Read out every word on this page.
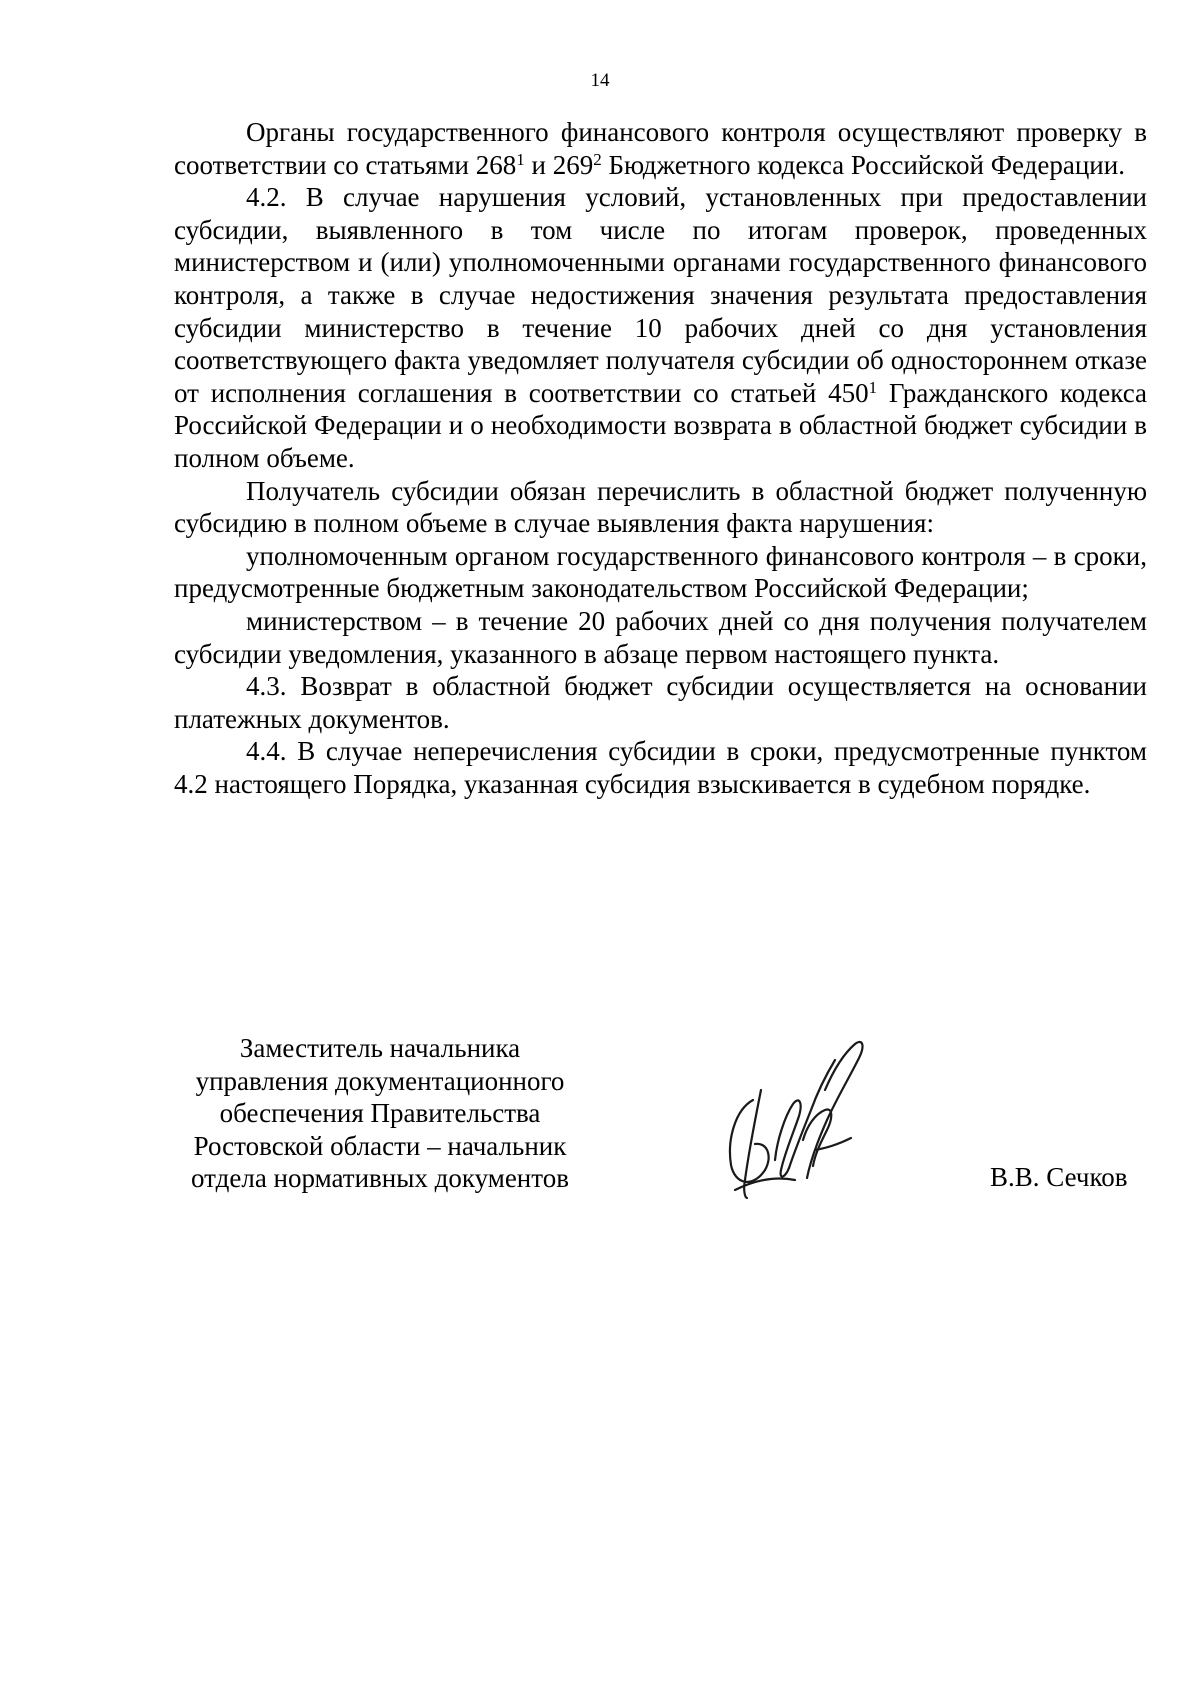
14

Органы государственного финансового контроля осуществляют проверку в соответствии со статьями $268^1$ и $269^2$ Бюджетного кодекса Российской Федерации.

4.2. В случае нарушения условий, установленных при предоставлении субсидии, выявленного в том числе по итогам проверок, проведенных министерством и (или) уполномоченными органами государственного финансового контроля, а также в случае недостижения значения результата предоставления субсидии министерство в течение 10 рабочих дней со дня установления соответствующего факта уведомляет получателя субсидии об одностороннем отказе от исполнения соглашения в соответствии со статьей $450^1$ Гражданского кодекса Российской Федерации и о необходимости возврата в областной бюджет субсидии в полном объеме.

Получатель субсидии обязан перечислить в областной бюджет полученную субсидию в полном объеме в случае выявления факта нарушения:

уполномоченным органом государственного финансового контроля – в сроки, предусмотренные бюджетным законодательством Российской Федерации;

министерством – в течение 20 рабочих дней со дня получения получателем субсидии уведомления, указанного в абзаце первом настоящего пункта.

4.3. Возврат в областной бюджет субсидии осуществляется на основании платежных документов.

4.4. В случае неперечисления субсидии в сроки, предусмотренные пунктом 4.2 настоящего Порядка, указанная субсидия взыскивается в судебном порядке.

Заместитель начальника
управления документационного
обеспечения Правительства
Ростовской области – начальник
отдела нормативных документов	В.В. Сечков
